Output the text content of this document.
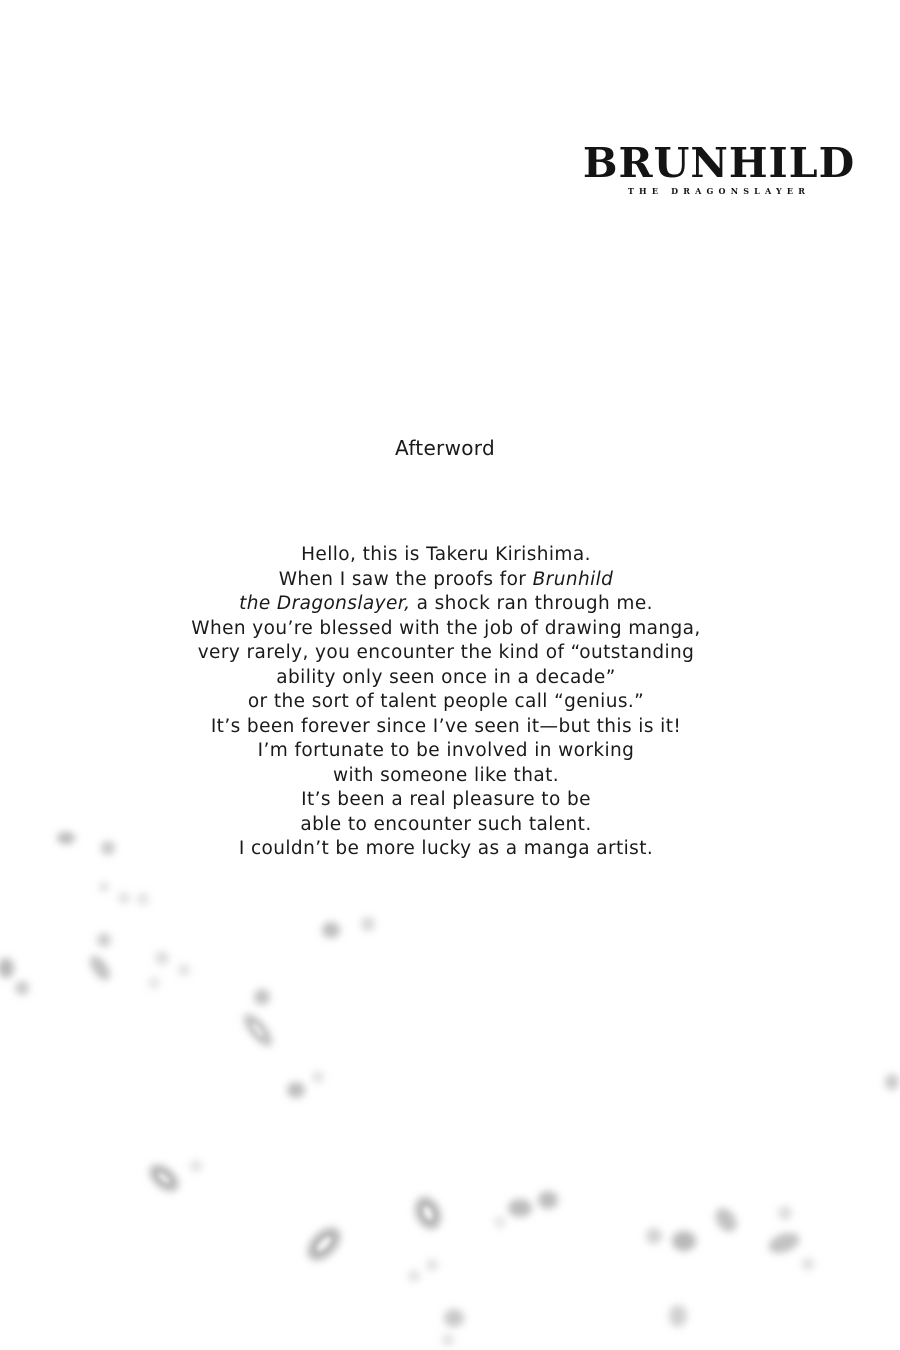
BRUNHILD
THE DRAGONSLAYER
Afterword
Hello, this is Takeru Kirishima.
When I saw the proofs for Brunhild
the Dragonslayer, a shock ran through me.
When you’re blessed with the job of drawing manga,
very rarely, you encounter the kind of “outstanding
ability only seen once in a decade”
or the sort of talent people call “genius.”
It’s been forever since I’ve seen it—but this is it!
I’m fortunate to be involved in working
with someone like that.
It’s been a real pleasure to be
able to encounter such talent.
I couldn’t be more lucky as a manga artist.
